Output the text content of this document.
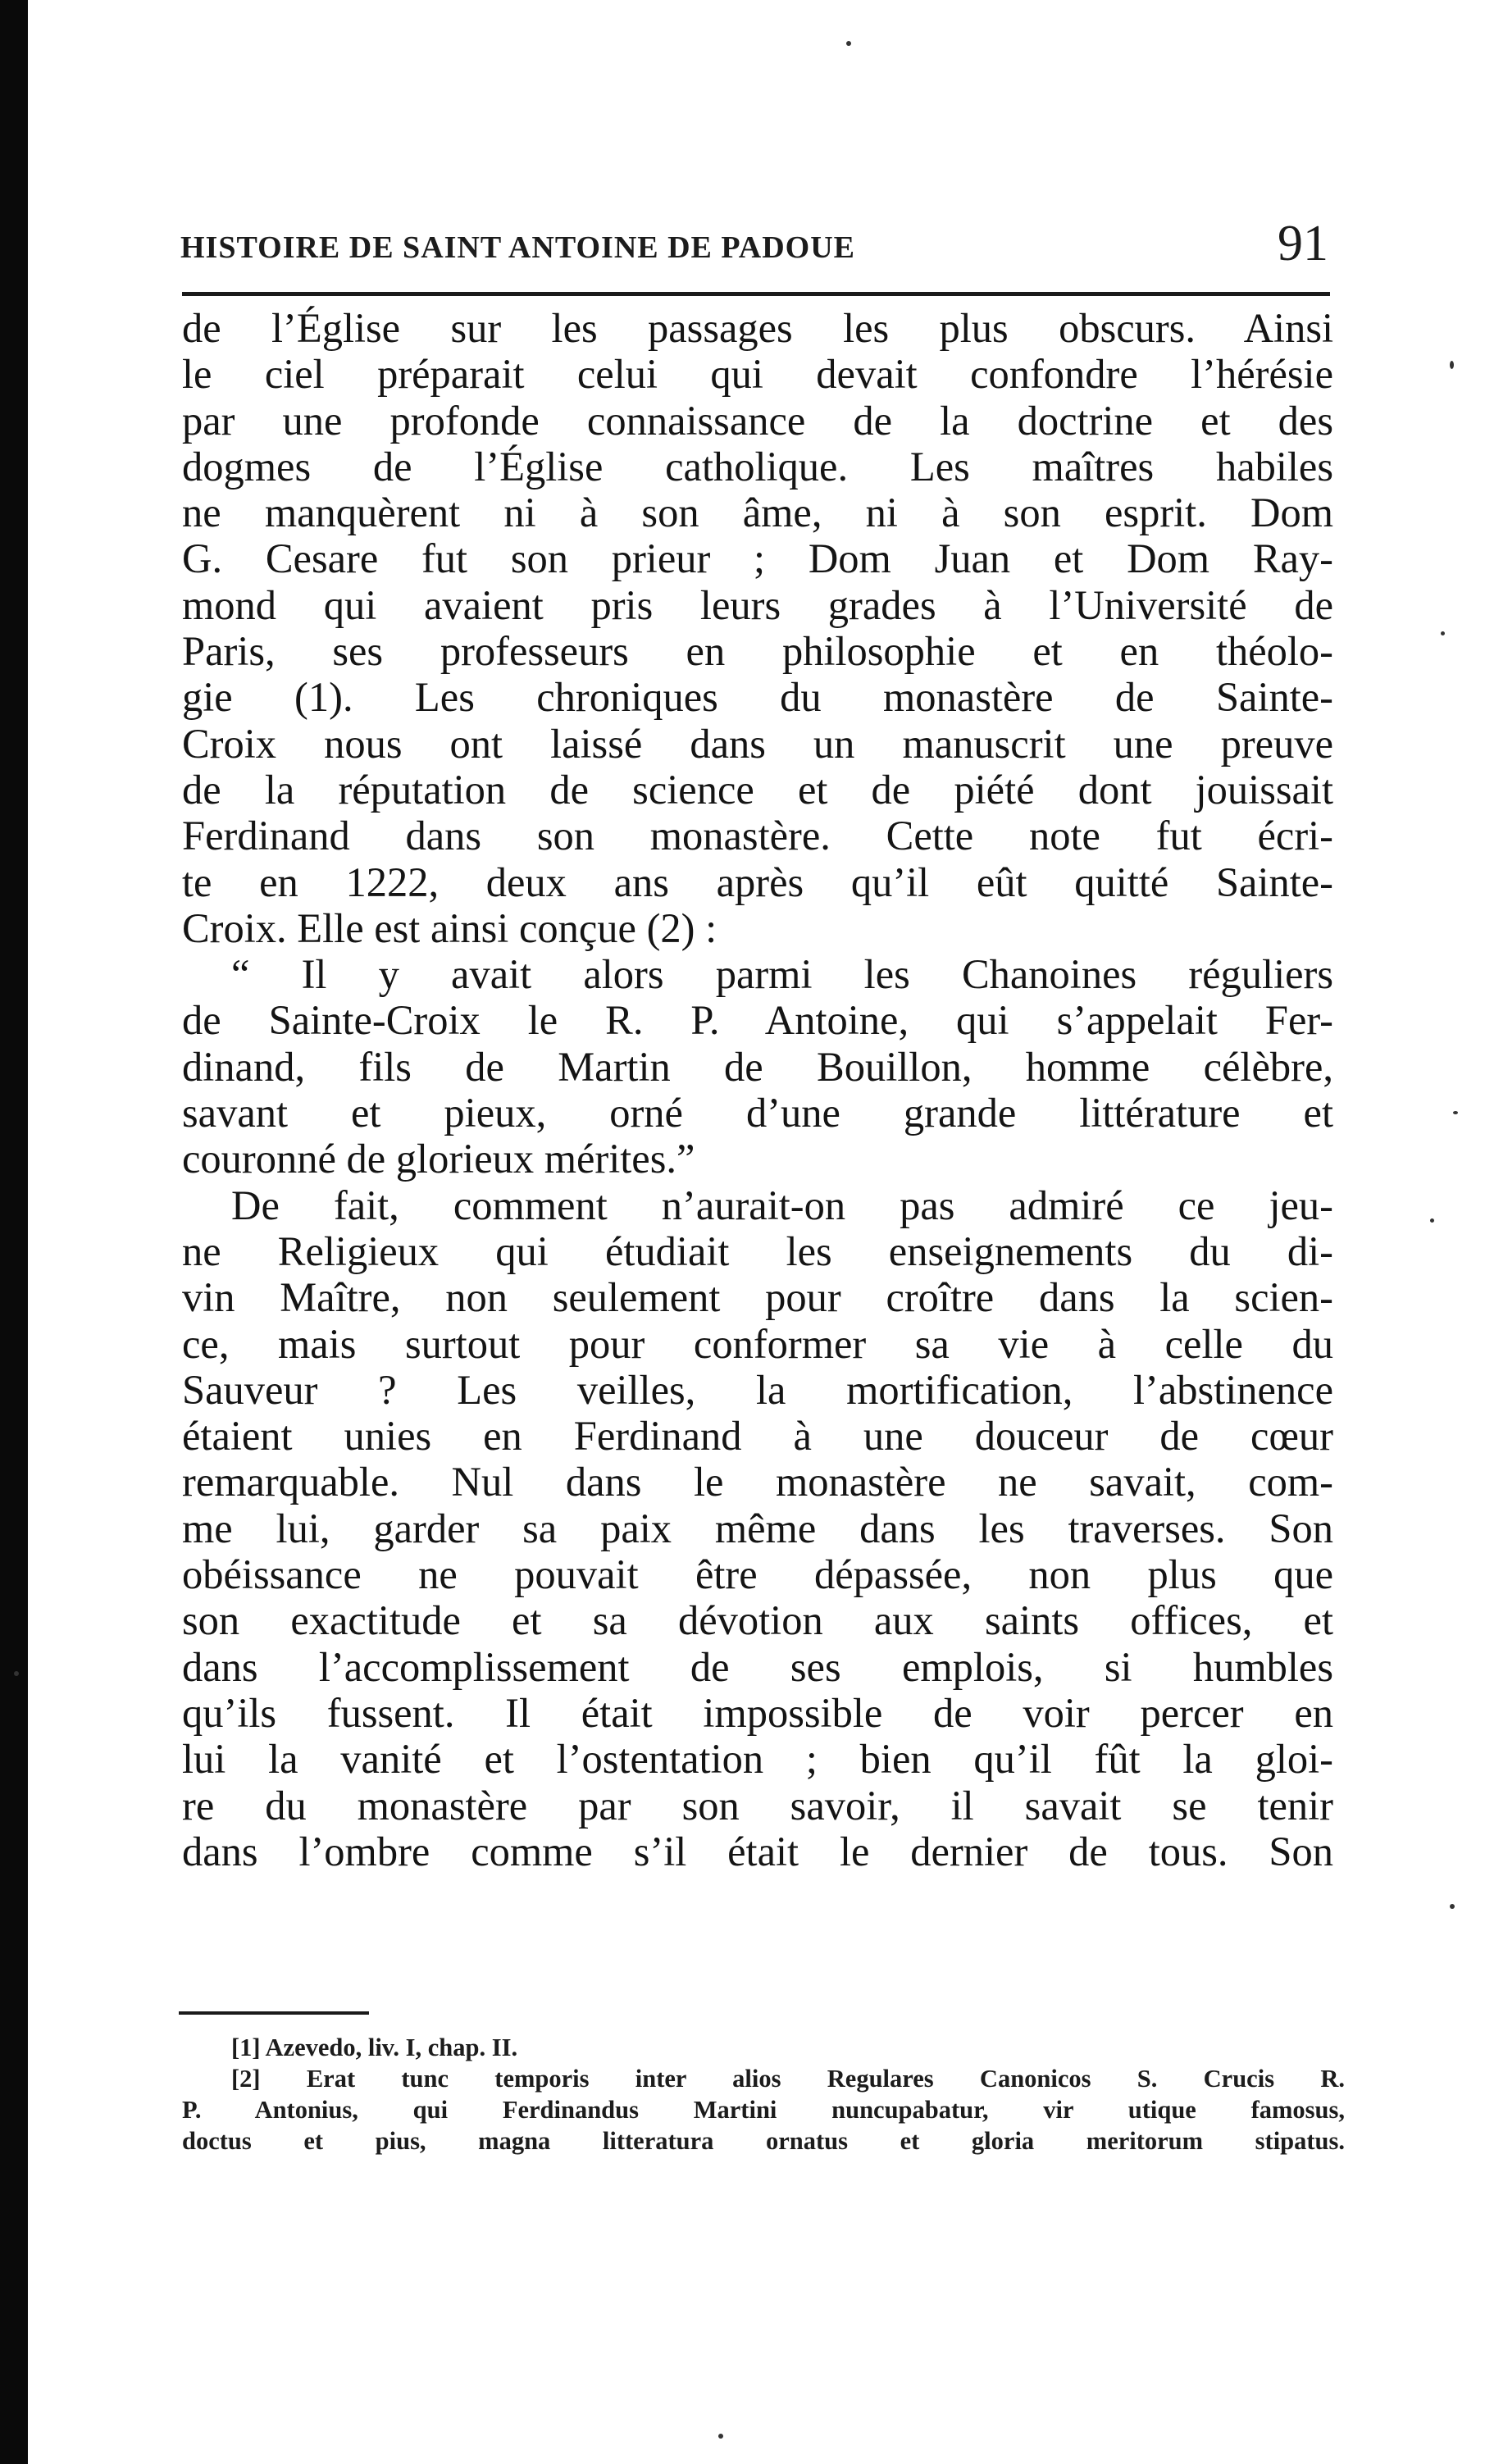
HISTOIRE DE SAINT ANTOINE DE PADOUE	91
de l’Église sur les passages les plus obscurs. Ainsi
le ciel préparait celui qui devait confondre l’hérésie
par une profonde connaissance de la doctrine et des
dogmes de l’Église catholique. Les maîtres habiles
ne manquèrent ni à son âme, ni à son esprit. Dom
G. Cesare fut son prieur ; Dom Juan et Dom Ray-
mond qui avaient pris leurs grades à l’Université de
Paris, ses professeurs en philosophie et en théolo-
gie (1). Les chroniques du monastère de Sainte-
Croix nous ont laissé dans un manuscrit une preuve
de la réputation de science et de piété dont jouissait
Ferdinand dans son monastère. Cette note fut écri-
te en 1222, deux ans après qu’il eût quitté Sainte-
Croix. Elle est ainsi conçue (2) :
“ Il y avait alors parmi les Chanoines réguliers
de Sainte-Croix le R. P. Antoine, qui s’appelait Fer-
dinand, fils de Martin de Bouillon, homme célèbre,
savant et pieux, orné d’une grande littérature et
couronné de glorieux mérites.”
De fait, comment n’aurait-on pas admiré ce jeu-
ne Religieux qui étudiait les enseignements du di-
vin Maître, non seulement pour croître dans la scien-
ce, mais surtout pour conformer sa vie à celle du
Sauveur ? Les veilles, la mortification, l’abstinence
étaient unies en Ferdinand à une douceur de cœur
remarquable. Nul dans le monastère ne savait, com-
me lui, garder sa paix même dans les traverses. Son
obéissance ne pouvait être dépassée, non plus que
son exactitude et sa dévotion aux saints offices, et
dans l’accomplissement de ses emplois, si humbles
qu’ils fussent. Il était impossible de voir percer en
lui la vanité et l’ostentation ; bien qu’il fût la gloi-
re du monastère par son savoir, il savait se tenir
dans l’ombre comme s’il était le dernier de tous. Son
[1] Azevedo, liv. I, chap. II.
[2] Erat tunc temporis inter alios Regulares Canonicos S. Crucis R.
P. Antonius, qui Ferdinandus Martini nuncupabatur, vir utique famosus,
doctus et pius, magna litteratura ornatus et gloria meritorum stipatus.
